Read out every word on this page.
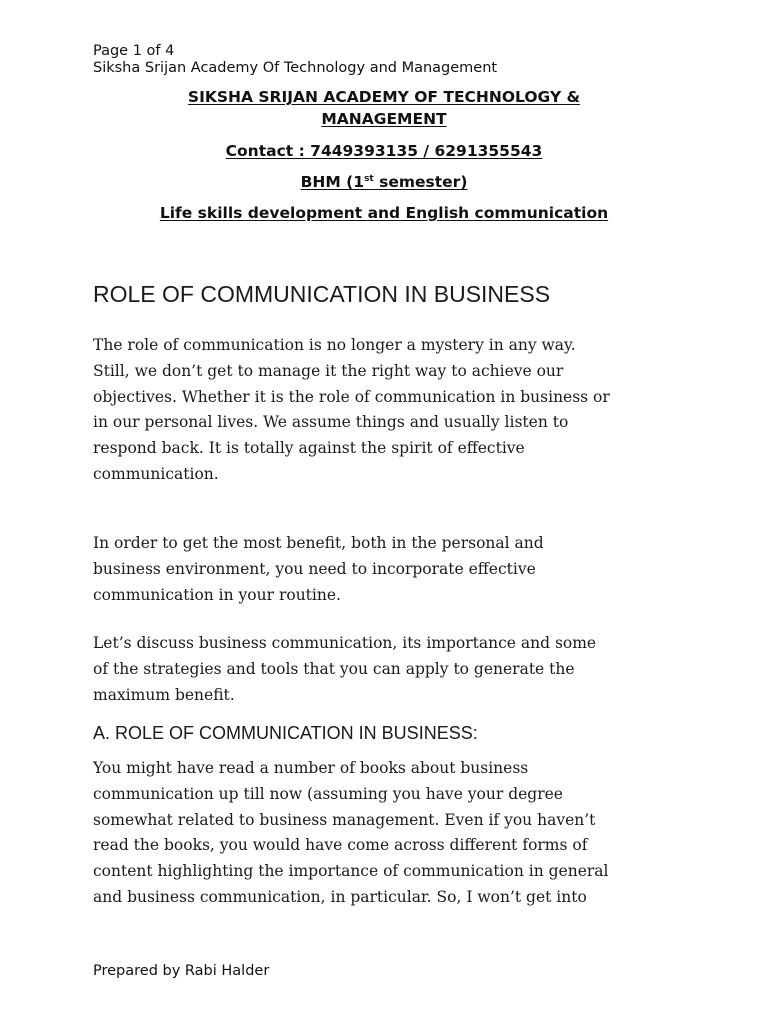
Page 1 of 4
Siksha Srijan Academy Of Technology and Management
SIKSHA SRIJAN ACADEMY OF TECHNOLOGY &
MANAGEMENT
Contact : 7449393135 / 6291355543
BHM (1st semester)
Life skills development and English communication
ROLE OF COMMUNICATION IN BUSINESS
The role of communication is no longer a mystery in any way.
Still, we don’t get to manage it the right way to achieve our
objectives. Whether it is the role of communication in business or
in our personal lives. We assume things and usually listen to
respond back. It is totally against the spirit of effective
communication.
In order to get the most benefit, both in the personal and
business environment, you need to incorporate effective
communication in your routine.
Let’s discuss business communication, its importance and some
of the strategies and tools that you can apply to generate the
maximum benefit.
A. ROLE OF COMMUNICATION IN BUSINESS:
You might have read a number of books about business
communication up till now (assuming you have your degree
somewhat related to business management. Even if you haven’t
read the books, you would have come across different forms of
content highlighting the importance of communication in general
and business communication, in particular. So, I won’t get into
Prepared by Rabi Halder
